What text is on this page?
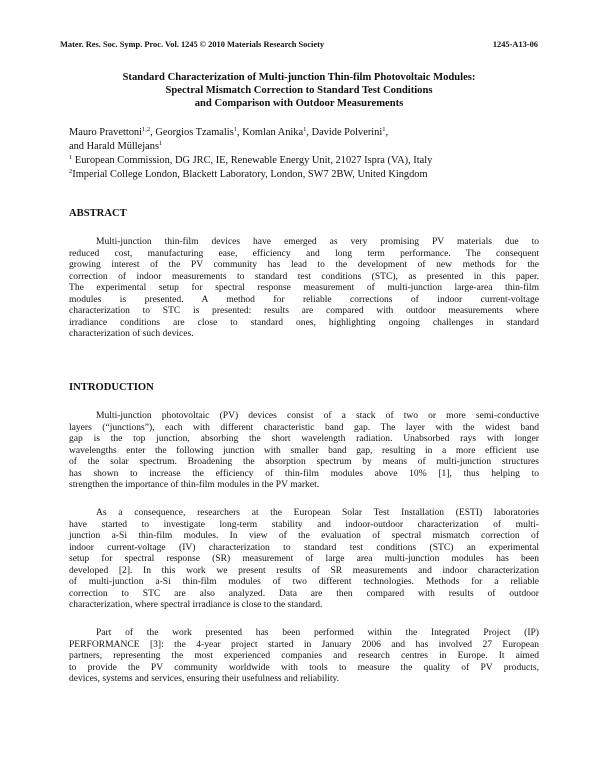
Mater. Res. Soc. Symp. Proc. Vol. 1245 © 2010 Materials Research Society	1245-A13-06
Standard Characterization of Multi-junction Thin-film Photovoltaic Modules:
Spectral Mismatch Correction to Standard Test Conditions
and Comparison with Outdoor Measurements
Mauro Pravettoni$^{1,2}$, Georgios Tzamalis$^1$, Komlan Anika$^1$, Davide Polverini$^1$,
and Harald Müllejans$^1$
$^1$ European Commission, DG JRC, IE, Renewable Energy Unit, 21027 Ispra (VA), Italy
$^2$Imperial College London, Blackett Laboratory, London, SW7 2BW, United Kingdom
ABSTRACT
Multi-junction thin-film devices have emerged as very promising PV materials due to
reduced cost, manufacturing ease, efficiency and long term performance. The consequent
growing interest of the PV community has lead to the development of new methods for the
correction of indoor measurements to standard test conditions (STC), as presented in this paper.
The experimental setup for spectral response measurement of multi-junction large-area thin-film
modules is presented. A method for reliable corrections of indoor current-voltage
characterization to STC is presented: results are compared with outdoor measurements where
irradiance conditions are close to standard ones, highlighting ongoing challenges in standard
characterization of such devices.
INTRODUCTION
Multi-junction photovoltaic (PV) devices consist of a stack of two or more semi-conductive
layers (“junctions”), each with different characteristic band gap. The layer with the widest band
gap is the top junction, absorbing the short wavelength radiation. Unabsorbed rays with longer
wavelengths enter the following junction with smaller band gap, resulting in a more efficient use
of the solar spectrum. Broadening the absorption spectrum by means of multi-junction structures
has shown to increase the efficiency of thin-film modules above 10% [1], thus helping to
strengthen the importance of thin-film modules in the PV market.
As a consequence, researchers at the European Solar Test Installation (ESTI) laboratories
have started to investigate long-term stability and indoor-outdoor characterization of multi-
junction a-Si thin-film modules. In view of the evaluation of spectral mismatch correction of
indoor current-voltage (IV) characterization to standard test conditions (STC) an experimental
setup for spectral response (SR) measurement of large area multi-junction modules has been
developed [2]. In this work we present results of SR measurements and indoor characterization
of multi-junction a-Si thin-film modules of two different technologies. Methods for a reliable
correction to STC are also analyzed. Data are then compared with results of outdoor
characterization, where spectral irradiance is close to the standard.
Part of the work presented has been performed within the Integrated Project (IP)
PERFORMANCE [3]: the 4-year project started in January 2006 and has involved 27 European
partners, representing the most experienced companies and research centres in Europe. It aimed
to provide the PV community worldwide with tools to measure the quality of PV products,
devices, systems and services, ensuring their usefulness and reliability.
